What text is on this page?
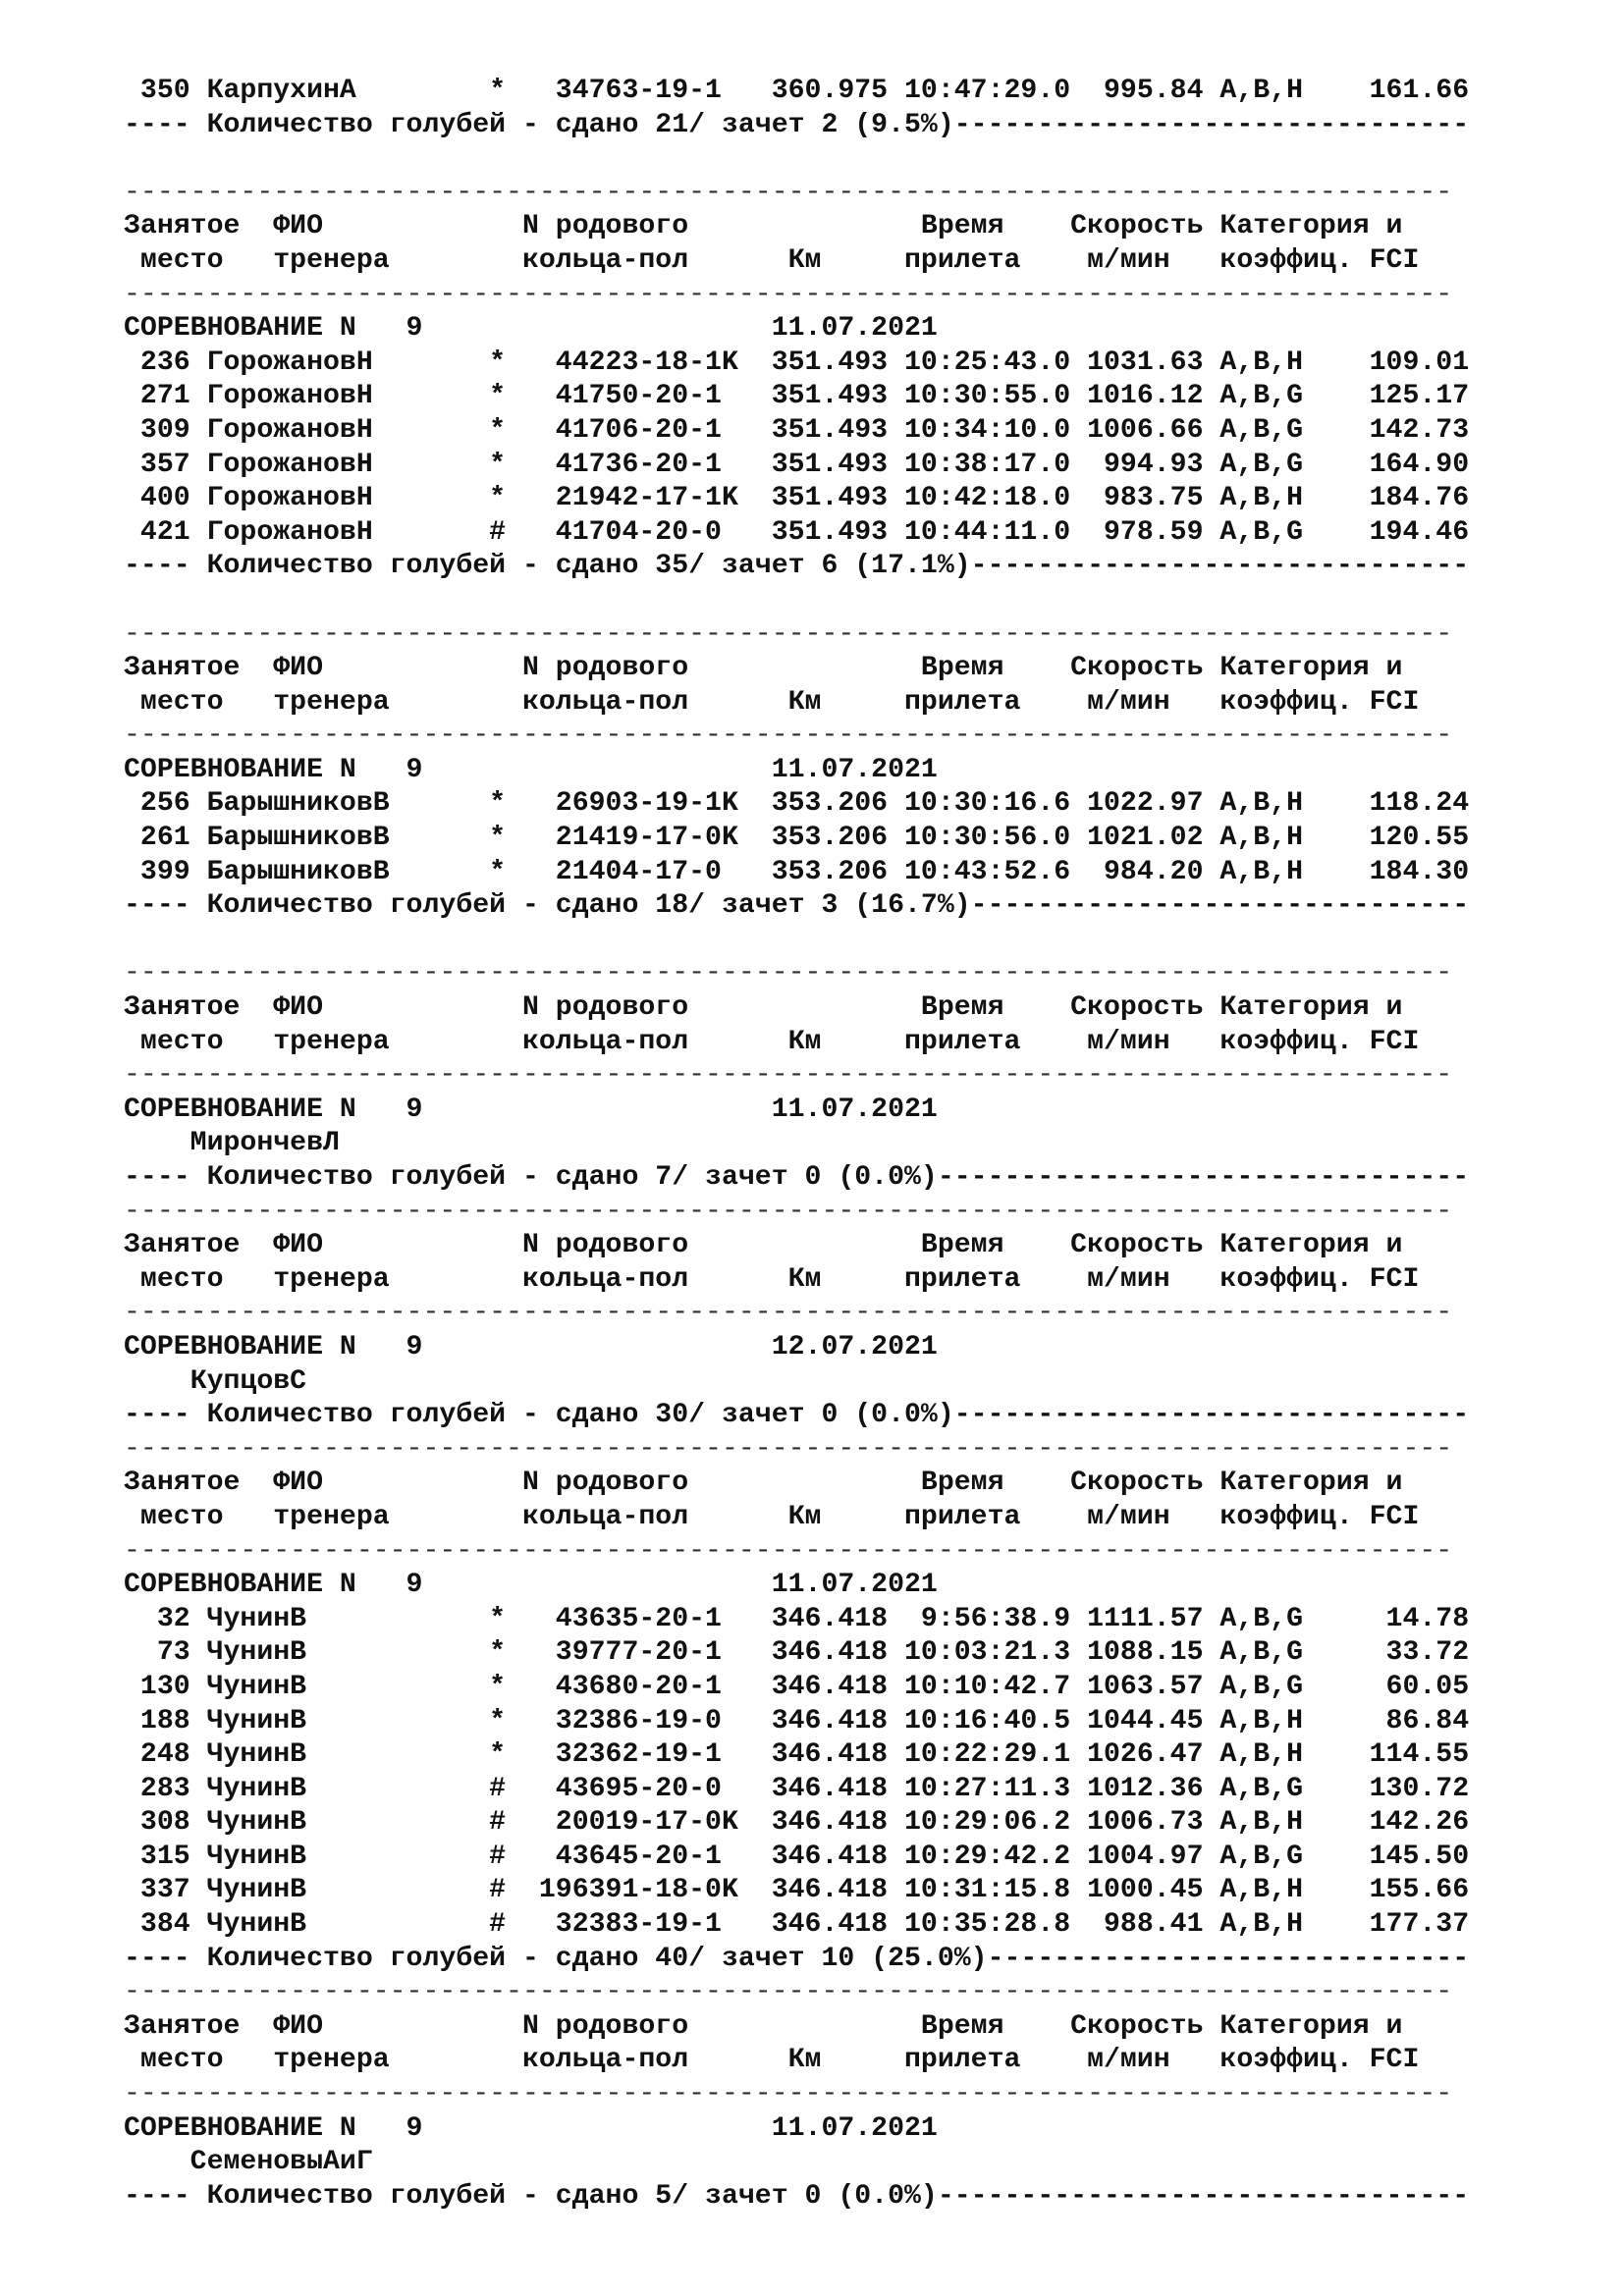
350 КарпухинА        *   34763-19-1   360.975 10:47:29.0  995.84 A,B,H    161.66
---- Количество голубей - сдано 21/ зачет 2 (9.5%)-------------------------------
--------------------------------------------------------------------------------
Занятое  ФИО            N родового              Время    Скорость Категория и
место   тренера        кольца-пол      Км     прилета    м/мин   коэффиц. FCI
--------------------------------------------------------------------------------
СОРЕВНОВАНИЕ N   9                     11.07.2021
236 ГорожановН       *   44223-18-1K  351.493 10:25:43.0 1031.63 A,B,H    109.01
271 ГорожановН       *   41750-20-1   351.493 10:30:55.0 1016.12 A,B,G    125.17
309 ГорожановН       *   41706-20-1   351.493 10:34:10.0 1006.66 A,B,G    142.73
357 ГорожановН       *   41736-20-1   351.493 10:38:17.0  994.93 A,B,G    164.90
400 ГорожановН       *   21942-17-1K  351.493 10:42:18.0  983.75 A,B,H    184.76
421 ГорожановН       #   41704-20-0   351.493 10:44:11.0  978.59 A,B,G    194.46
---- Количество голубей - сдано 35/ зачет 6 (17.1%)------------------------------
--------------------------------------------------------------------------------
Занятое  ФИО            N родового              Время    Скорость Категория и
место   тренера        кольца-пол      Км     прилета    м/мин   коэффиц. FCI
--------------------------------------------------------------------------------
СОРЕВНОВАНИЕ N   9                     11.07.2021
256 БарышниковВ      *   26903-19-1K  353.206 10:30:16.6 1022.97 A,B,H    118.24
261 БарышниковВ      *   21419-17-0K  353.206 10:30:56.0 1021.02 A,B,H    120.55
399 БарышниковВ      *   21404-17-0   353.206 10:43:52.6  984.20 A,B,H    184.30
---- Количество голубей - сдано 18/ зачет 3 (16.7%)------------------------------
--------------------------------------------------------------------------------
Занятое  ФИО            N родового              Время    Скорость Категория и
место   тренера        кольца-пол      Км     прилета    м/мин   коэффиц. FCI
--------------------------------------------------------------------------------
СОРЕВНОВАНИЕ N   9                     11.07.2021
МирончевЛ
---- Количество голубей - сдано 7/ зачет 0 (0.0%)--------------------------------
--------------------------------------------------------------------------------
Занятое  ФИО            N родового              Время    Скорость Категория и
место   тренера        кольца-пол      Км     прилета    м/мин   коэффиц. FCI
--------------------------------------------------------------------------------
СОРЕВНОВАНИЕ N   9                     12.07.2021
КупцовС
---- Количество голубей - сдано 30/ зачет 0 (0.0%)-------------------------------
--------------------------------------------------------------------------------
Занятое  ФИО            N родового              Время    Скорость Категория и
место   тренера        кольца-пол      Км     прилета    м/мин   коэффиц. FCI
--------------------------------------------------------------------------------
СОРЕВНОВАНИЕ N   9                     11.07.2021
32 ЧунинВ           *   43635-20-1   346.418  9:56:38.9 1111.57 A,B,G     14.78
73 ЧунинВ           *   39777-20-1   346.418 10:03:21.3 1088.15 A,B,G     33.72
130 ЧунинВ           *   43680-20-1   346.418 10:10:42.7 1063.57 A,B,G     60.05
188 ЧунинВ           *   32386-19-0   346.418 10:16:40.5 1044.45 A,B,H     86.84
248 ЧунинВ           *   32362-19-1   346.418 10:22:29.1 1026.47 A,B,H    114.55
283 ЧунинВ           #   43695-20-0   346.418 10:27:11.3 1012.36 A,B,G    130.72
308 ЧунинВ           #   20019-17-0K  346.418 10:29:06.2 1006.73 A,B,H    142.26
315 ЧунинВ           #   43645-20-1   346.418 10:29:42.2 1004.97 A,B,G    145.50
337 ЧунинВ           #  196391-18-0K  346.418 10:31:15.8 1000.45 A,B,H    155.66
384 ЧунинВ           #   32383-19-1   346.418 10:35:28.8  988.41 A,B,H    177.37
---- Количество голубей - сдано 40/ зачет 10 (25.0%)-----------------------------
--------------------------------------------------------------------------------
Занятое  ФИО            N родового              Время    Скорость Категория и
место   тренера        кольца-пол      Км     прилета    м/мин   коэффиц. FCI
--------------------------------------------------------------------------------
СОРЕВНОВАНИЕ N   9                     11.07.2021
СеменовыАиГ
---- Количество голубей - сдано 5/ зачет 0 (0.0%)--------------------------------
